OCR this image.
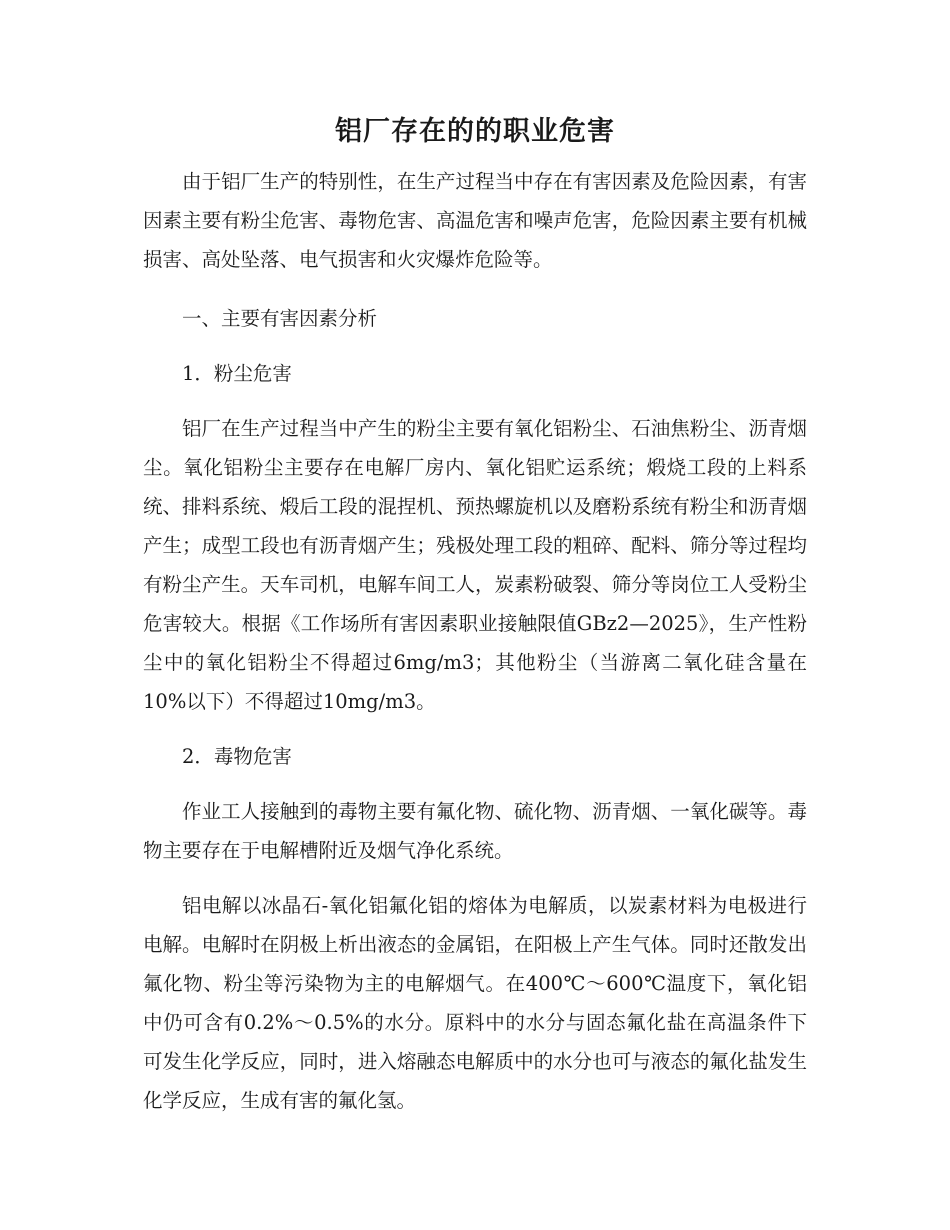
铝厂存在的的职业危害

由于铝厂生产的特别性，在生产过程当中存在有害因素及危险因素，有害因素主要有粉尘危害、毒物危害、高温危害和噪声危害，危险因素主要有机械损害、高处坠落、电气损害和火灾爆炸危险等。

一、主要有害因素分析

1．粉尘危害

铝厂在生产过程当中产生的粉尘主要有氧化铝粉尘、石油焦粉尘、沥青烟尘。氧化铝粉尘主要存在电解厂房内、氧化铝贮运系统；煅烧工段的上料系统、排料系统、煅后工段的混捏机、预热螺旋机以及磨粉系统有粉尘和沥青烟产生；成型工段也有沥青烟产生；残极处理工段的粗碎、配料、筛分等过程均有粉尘产生。天车司机，电解车间工人，炭素粉破裂、筛分等岗位工人受粉尘危害较大。根据《工作场所有害因素职业接触限值GBz2—2025》，生产性粉尘中的氧化铝粉尘不得超过6mg/m3；其他粉尘（当游离二氧化硅含量在10%以下）不得超过10mg/m3。

2．毒物危害

作业工人接触到的毒物主要有氟化物、硫化物、沥青烟、一氧化碳等。毒物主要存在于电解槽附近及烟气净化系统。

铝电解以冰晶石-氧化铝氟化铝的熔体为电解质，以炭素材料为电极进行电解。电解时在阴极上析出液态的金属铝，在阳极上产生气体。同时还散发出氟化物、粉尘等污染物为主的电解烟气。在400℃～600℃温度下，氧化铝中仍可含有0.2%～0.5%的水分。原料中的水分与固态氟化盐在高温条件下可发生化学反应，同时，进入熔融态电解质中的水分也可与液态的氟化盐发生化学反应，生成有害的氟化氢。
